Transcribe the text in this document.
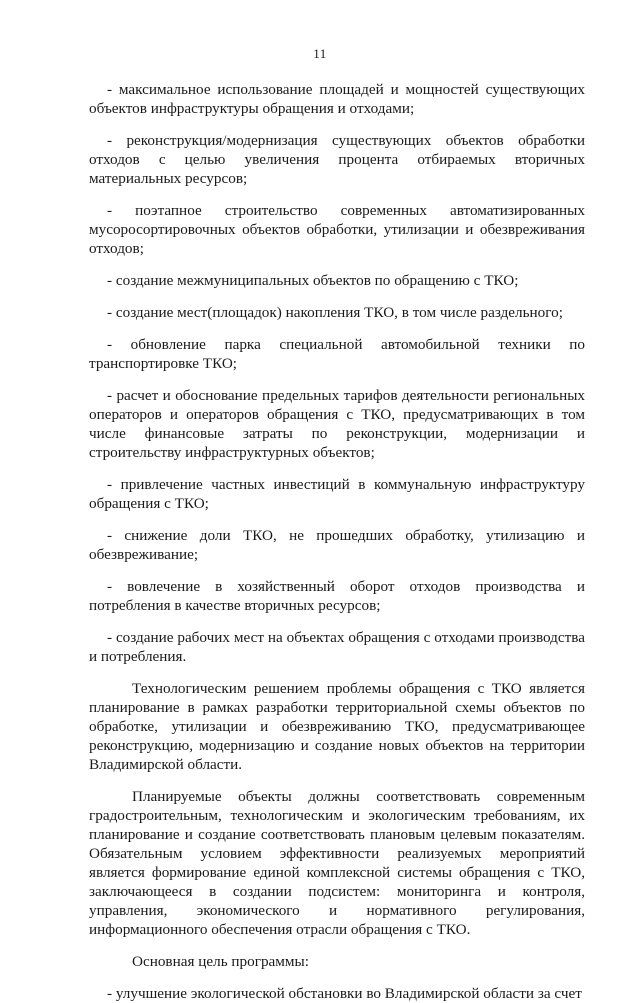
11

- максимальное использование площадей и мощностей существующих объектов инфраструктуры обращения и отходами;

- реконструкция/модернизация существующих объектов обработки отходов с целью увеличения процента отбираемых вторичных материальных ресурсов;

- поэтапное строительство современных автоматизированных мусоросортировочных объектов обработки, утилизации и обезвреживания отходов;

- создание межмуниципальных объектов по обращению с ТКО;

- создание мест(площадок) накопления ТКО, в том числе раздельного;

- обновление парка специальной автомобильной техники по транспортировке ТКО;

- расчет и обоснование предельных тарифов деятельности региональных операторов и операторов обращения с ТКО, предусматривающих в том числе финансовые затраты по реконструкции, модернизации и строительству инфраструктурных объектов;

- привлечение частных инвестиций в коммунальную инфраструктуру обращения с ТКО;

- снижение доли ТКО, не прошедших обработку, утилизацию и обезвреживание;

- вовлечение в хозяйственный оборот отходов производства и потребления в качестве вторичных ресурсов;

- создание рабочих мест на объектах обращения с отходами производства и потребления.

Технологическим решением проблемы обращения с ТКО является планирование в рамках разработки территориальной схемы объектов по обработке, утилизации и обезвреживанию ТКО, предусматривающее реконструкцию, модернизацию и создание новых объектов на территории Владимирской области.

Планируемые объекты должны соответствовать современным градостроительным, технологическим и экологическим требованиям, их планирование и создание соответствовать плановым целевым показателям. Обязательным условием эффективности реализуемых мероприятий является формирование единой комплексной системы обращения с ТКО, заключающееся в создании подсистем: мониторинга и контроля, управления, экономического и нормативного регулирования, информационного обеспечения отрасли обращения с ТКО.

Основная цель программы:

- улучшение экологической обстановки во Владимирской области за счет
